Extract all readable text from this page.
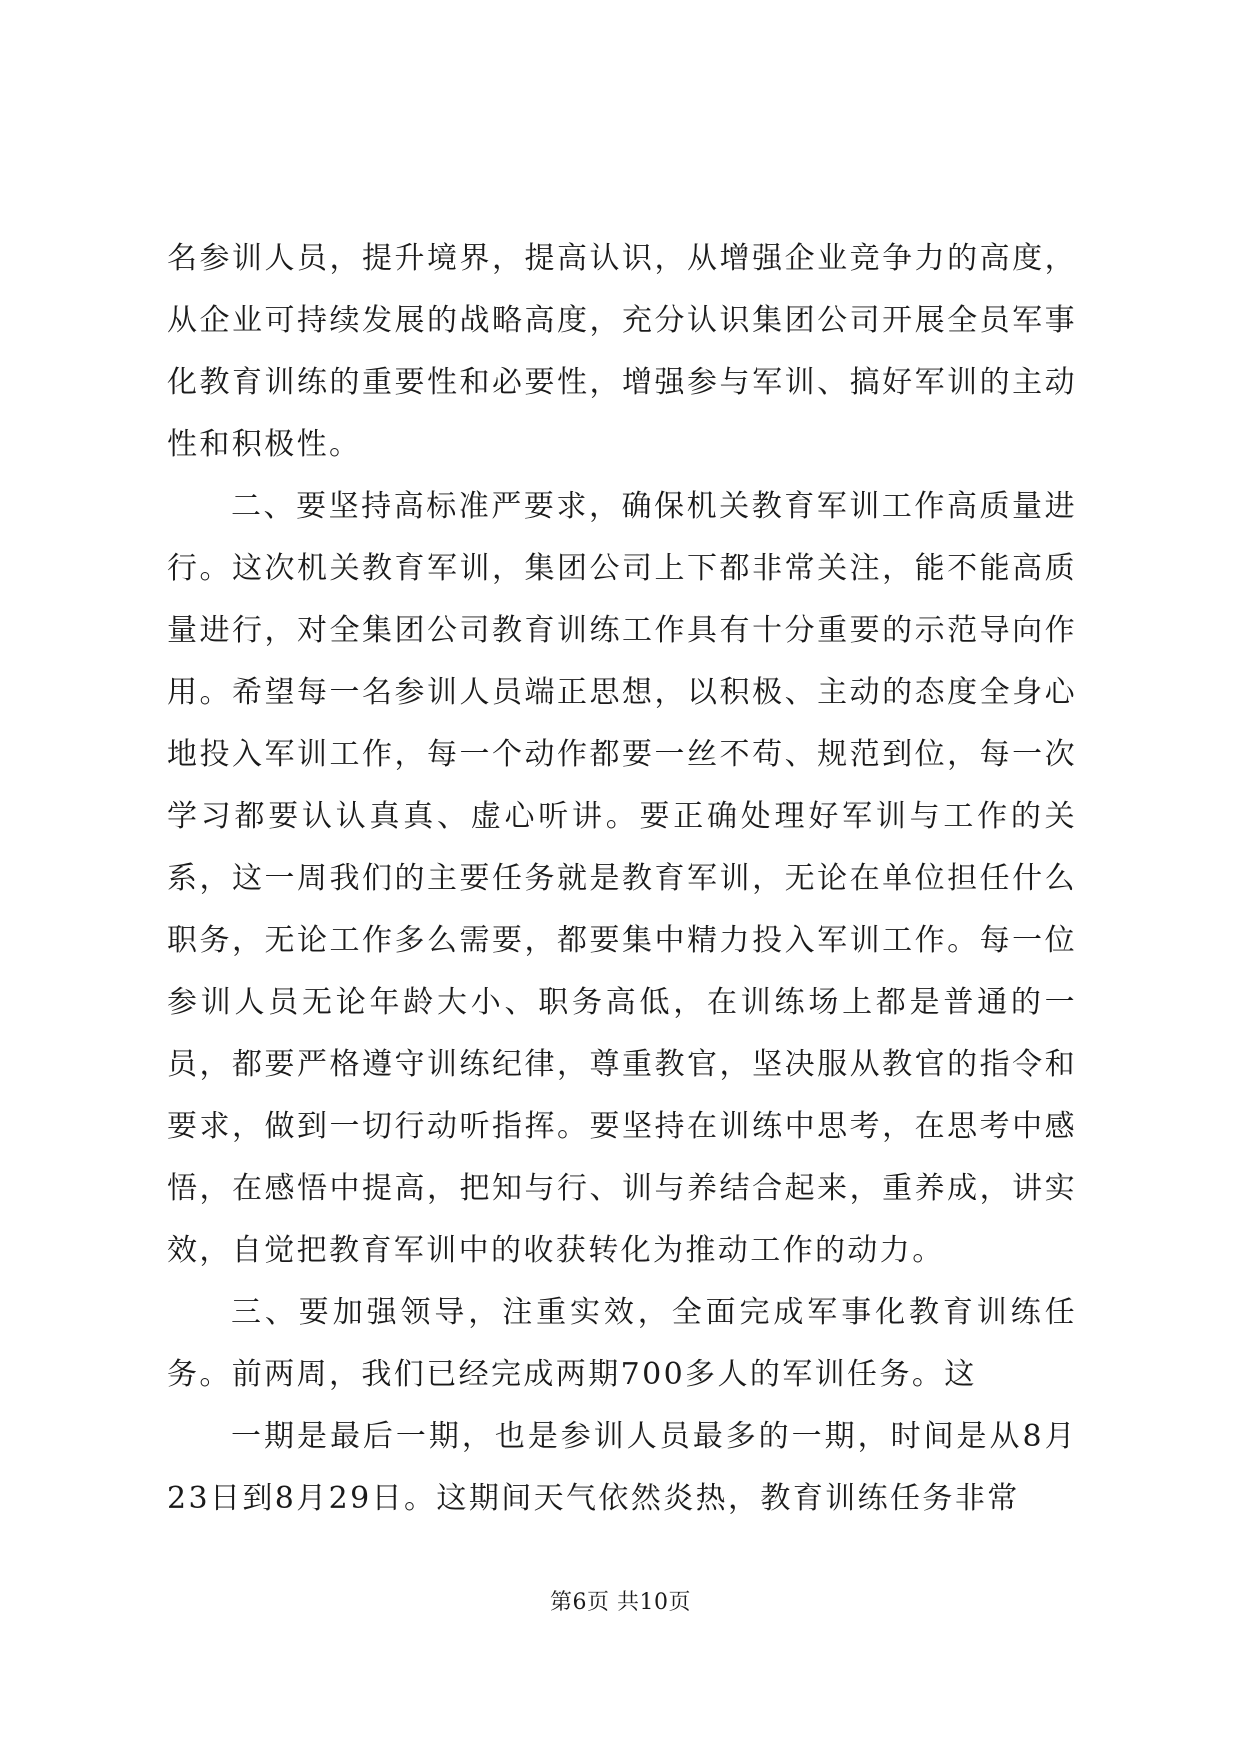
名参训人员，提升境界，提高认识，从增强企业竞争力的高度，从企业可持续发展的战略高度，充分认识集团公司开展全员军事化教育训练的重要性和必要性，增强参与军训、搞好军训的主动性和积极性。

二、要坚持高标准严要求，确保机关教育军训工作高质量进行。这次机关教育军训，集团公司上下都非常关注，能不能高质量进行，对全集团公司教育训练工作具有十分重要的示范导向作用。希望每一名参训人员端正思想，以积极、主动的态度全身心地投入军训工作，每一个动作都要一丝不苟、规范到位，每一次学习都要认认真真、虚心听讲。要正确处理好军训与工作的关系，这一周我们的主要任务就是教育军训，无论在单位担任什么职务，无论工作多么需要，都要集中精力投入军训工作。每一位参训人员无论年龄大小、职务高低，在训练场上都是普通的一员，都要严格遵守训练纪律，尊重教官，坚决服从教官的指令和要求，做到一切行动听指挥。要坚持在训练中思考，在思考中感悟，在感悟中提高，把知与行、训与养结合起来，重养成，讲实效，自觉把教育军训中的收获转化为推动工作的动力。

三、要加强领导，注重实效，全面完成军事化教育训练任务。前两周，我们已经完成两期700多人的军训任务。这

一期是最后一期，也是参训人员最多的一期，时间是从8月23日到8月29日。这期间天气依然炎热，教育训练任务非常

第6页 共10页
